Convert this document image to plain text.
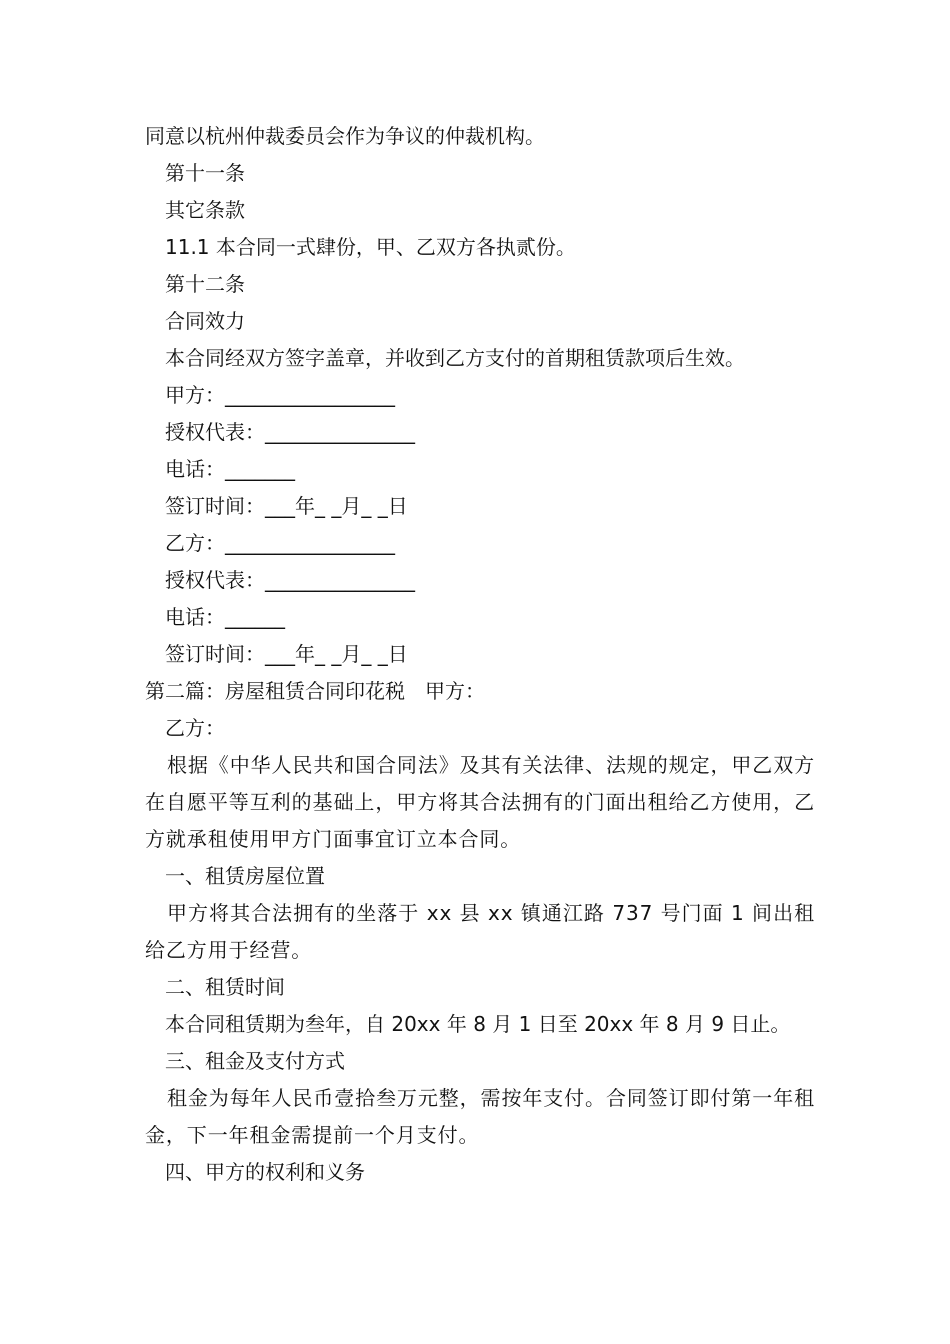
同意以杭州仲裁委员会作为争议的仲裁机构。

第十一条

其它条款

11.1 本合同一式肆份，甲、乙双方各执贰份。

第十二条

合同效力

本合同经双方签字盖章，并收到乙方支付的首期租赁款项后生效。

甲方：_________________

授权代表：_______________

电话：_______

签订时间：___年_ _月_ _日

乙方：_________________

授权代表：_______________

电话：______

签订时间：___年_ _月_ _日

第二篇：房屋租赁合同印花税　甲方：

乙方：

根据《中华人民共和国合同法》及其有关法律、法规的规定，甲乙双方在自愿平等互利的基础上，甲方将其合法拥有的门面出租给乙方使用，乙方就承租使用甲方门面事宜订立本合同。

一、租赁房屋位置

甲方将其合法拥有的坐落于 xx 县 xx 镇通江路 737 号门面 1 间出租给乙方用于经营。

二、租赁时间

本合同租赁期为叁年，自 20xx 年 8 月 1 日至 20xx 年 8 月 9 日止。

三、租金及支付方式

租金为每年人民币壹拾叁万元整，需按年支付。合同签订即付第一年租金，下一年租金需提前一个月支付。

四、甲方的权利和义务
